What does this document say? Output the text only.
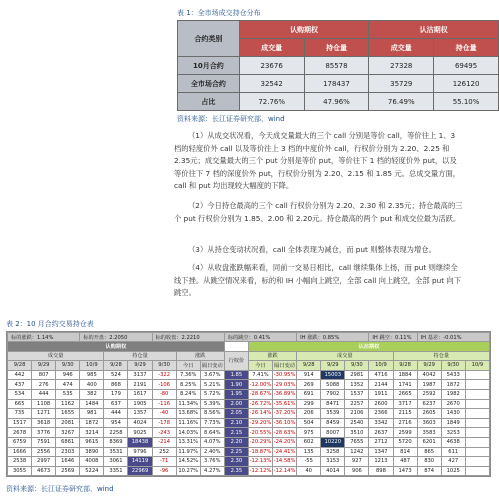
表 1：全市场成交持仓分布
合约类别	认购期权		认沽期权	
	成交量	持仓量	成交量	持仓量
10月合约	23676	85578	27328	69495
全市场合约	32542	178437	35729	126120
占比	72.76%	47.96%	76.49%	55.10%
资料来源：长江证券研究部，wind
（1）从成交状况看，今天成交量最大的三个 call 分别是等价 call，等价往上 1、3 档的轻度价外 call 以及等价往上 3 档的中度价外 call，行权价分别为 2.20、2.25 和 2.35元；成交量最大的三个 put 分别是等价 put，等价往下 1 档的轻度价外 put，以及等价往下 7 档的深度价外 put，行权价分别为 2.20、2.15 和 1.85 元。总成交量方面，call 和 put 均出现较大幅度的下降。
（2）今日持仓最高的三个 call 行权价分别为 2.20、2.30 和 2.35元；持仓最高的三个 put 行权价分别为 1.85、2.00 和 2.20元。持仓最高的两个 put 和成交位最为活跃。
（3）从持仓变动状况看，call 全体表现为减仓，而 put 则整体表现为增仓。
（4）从收盘涨跌幅来看，同前一交易日相比，call 继续集体上扬，而 put 则继续全线下挫。从跳空情况来看，标的和 IH 小幅向上跳空，全部 call 向上跳空，全部 put 向下跳空。
表 2：10 月合约交易持仓表
标的涨跌：1.14%			标的开盘：2.2050			标的收盘：2.2210			标的跳空：0.41%			IH 涨跌：0.85%			IH 跳空：0.11%		IH 基差：-0.01%		
认购期权										认沽期权									
成交量				持仓量			涨跌		行权价	涨跌		成交量				持仓量			
9/28	9/29	9/30	10/9	9/28	9/29	9/30	今日	隔日变动		今日	隔日变动	9/28	9/29	9/30	10/9	9/28	9/29	9/30	10/9
442	807	946	985	524	3137	-322	7.36%	3.67%	1.85	7.41%	-30.95%	914	15003	2981	4716	1884	4042	5433	
437	276	474	400	868	2191	-106	8.25%	5.21%	1.90	-12.00%	-29.03%	269	5088	1352	2144	1741	1987	1872	
534	444	535	382	179	1617	-80	8.24%	5.72%	1.95	-28.67%	-36.89%	691	7902	1537	1911	2665	2592	1982	
665	1108	1162	1484	637	1905	-116	11.34%	5.39%	2.00	-26.72%	-35.61%	299	8471	2257	2600	3717	6237	2670	
735	1271	1655	981	444	1357	-40	13.68%	8.56%	2.05	-26.14%	-37.20%	206	3539	2106	2366	2115	2605	1430	
1517	3618	2081	1872	954	4024	-178	11.16%	7.73%	2.10	-29.20%	-36.10%	504	8459	2540	3342	2716	3603	1849	
2678	3776	3267	3214	2258	9025	-243	14.03%	8.64%	2.15	-20.55%	-28.63%	975	8007	3510	2637	2599	3583	3253	
6759	7591	6861	9615	8369	18438	-214	13.31%	4.07%	2.20	-20.29%	-24.20%	602	10220	7655	2712	5720	6201	4638	
1666	2556	2303	3890	3531	9796	252	11.97%	2.40%	2.25	-18.87%	-24.41%	135	3258	1242	1347	814	865	611	
2538	2997	1646	4008	3061	14119	-71	14.52%	3.76%	2.30	-12.13%	-14.58%	-55	3153	927	1213	487	830	427	
3055	4673	2569	5224	3351	22969	-96	10.27%	4.27%	2.35	-12.12%	-12.14%	40	4014	906	898	1473	874	1025	
资料来源：长江证券研究部，wind
